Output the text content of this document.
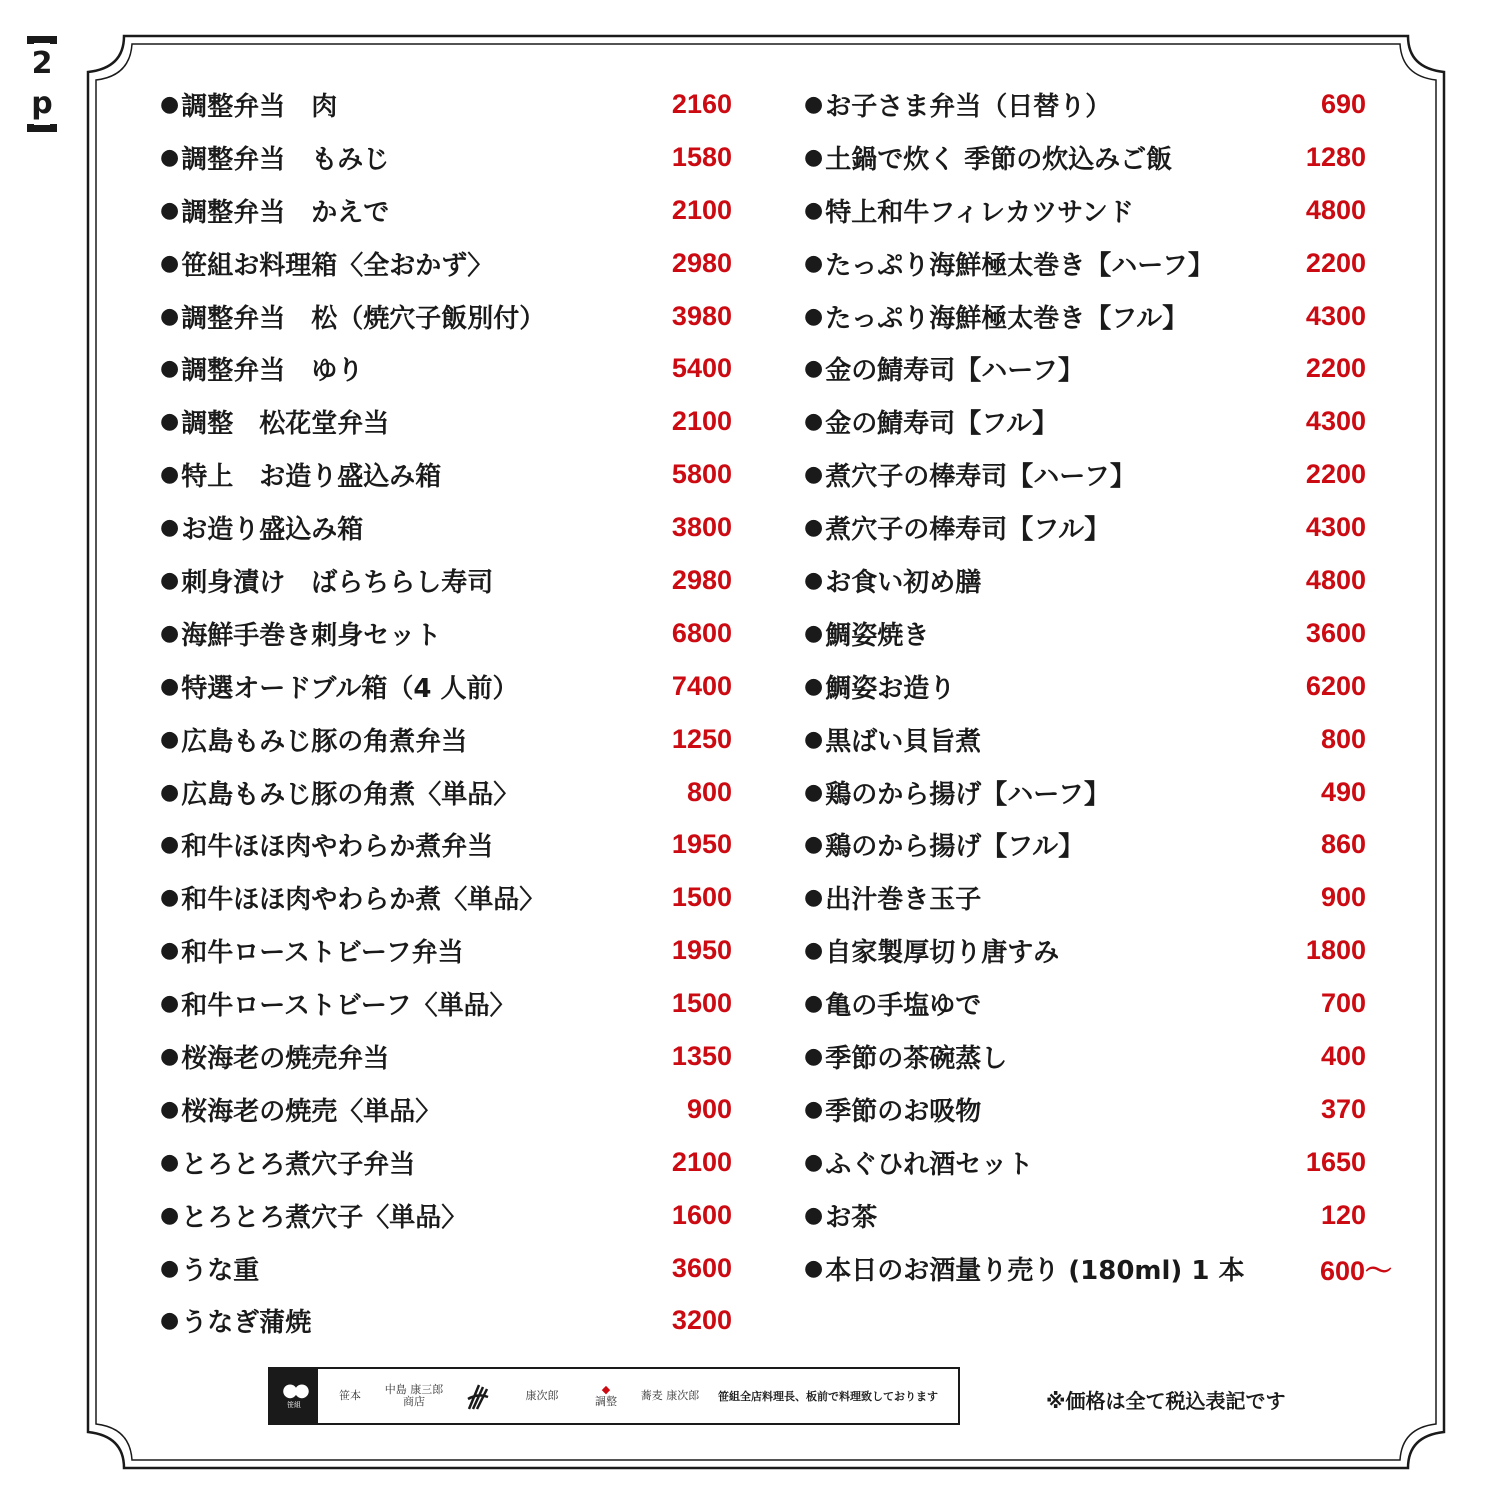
2
p	● 調整弁当　肉	2160
● 調整弁当　もみじ	1580
● 調整弁当　かえで	2100
● 笹組お料理箱〈全おかず〉	2980
● 調整弁当　松（焼穴子飯別付）	3980
● 調整弁当　ゆり	5400
● 調整　松花堂弁当	2100
● 特上　お造り盛込み箱	5800
● お造り盛込み箱	3800
● 刺身漬け　ばらちらし寿司	2980
● 海鮮手巻き刺身セット	6800
● 特選オードブル箱（4 人前）	7400
● 広島もみじ豚の角煮弁当	1250
● 広島もみじ豚の角煮〈単品〉	800
● 和牛ほほ肉やわらか煮弁当	1950
● 和牛ほほ肉やわらか煮〈単品〉	1500
● 和牛ローストビーフ弁当	1950
● 和牛ローストビーフ〈単品〉	1500
● 桜海老の焼売弁当	1350
● 桜海老の焼売〈単品〉	900
● とろとろ煮穴子弁当	2100
● とろとろ煮穴子〈単品〉	1600
● うな重	3600
● うなぎ蒲焼	3200
● お子さま弁当（日替り）	690
● 土鍋で炊く 季節の炊込みご飯	1280
● 特上和牛フィレカツサンド	4800
● たっぷり海鮮極太巻き【ハーフ】	2200
● たっぷり海鮮極太巻き【フル】	4300
● 金の鯖寿司【ハーフ】	2200
● 金の鯖寿司【フル】	4300
● 煮穴子の棒寿司【ハーフ】	2200
● 煮穴子の棒寿司【フル】	4300
● お食い初め膳	4800
● 鯛姿焼き	3600
● 鯛姿お造り	6200
● 黒ばい貝旨煮	800
● 鶏のから揚げ【ハーフ】	490
● 鶏のから揚げ【フル】	860
● 出汁巻き玉子	900
● 自家製厚切り唐すみ	1800
● 亀の手塩ゆで	700
● 季節の茶碗蒸し	400
● 季節のお吸物	370
● ふぐひれ酒セット	1650
● お茶	120
● 本日のお酒量り売り (180ml) 1 本	600〜
●●
笹組
笹本	中島 康三郎 商店	康次郎	◆
調整 蕎麦 康次郎 笹組全店料理長、板前で料理致しております	※価格は全て税込表記です
